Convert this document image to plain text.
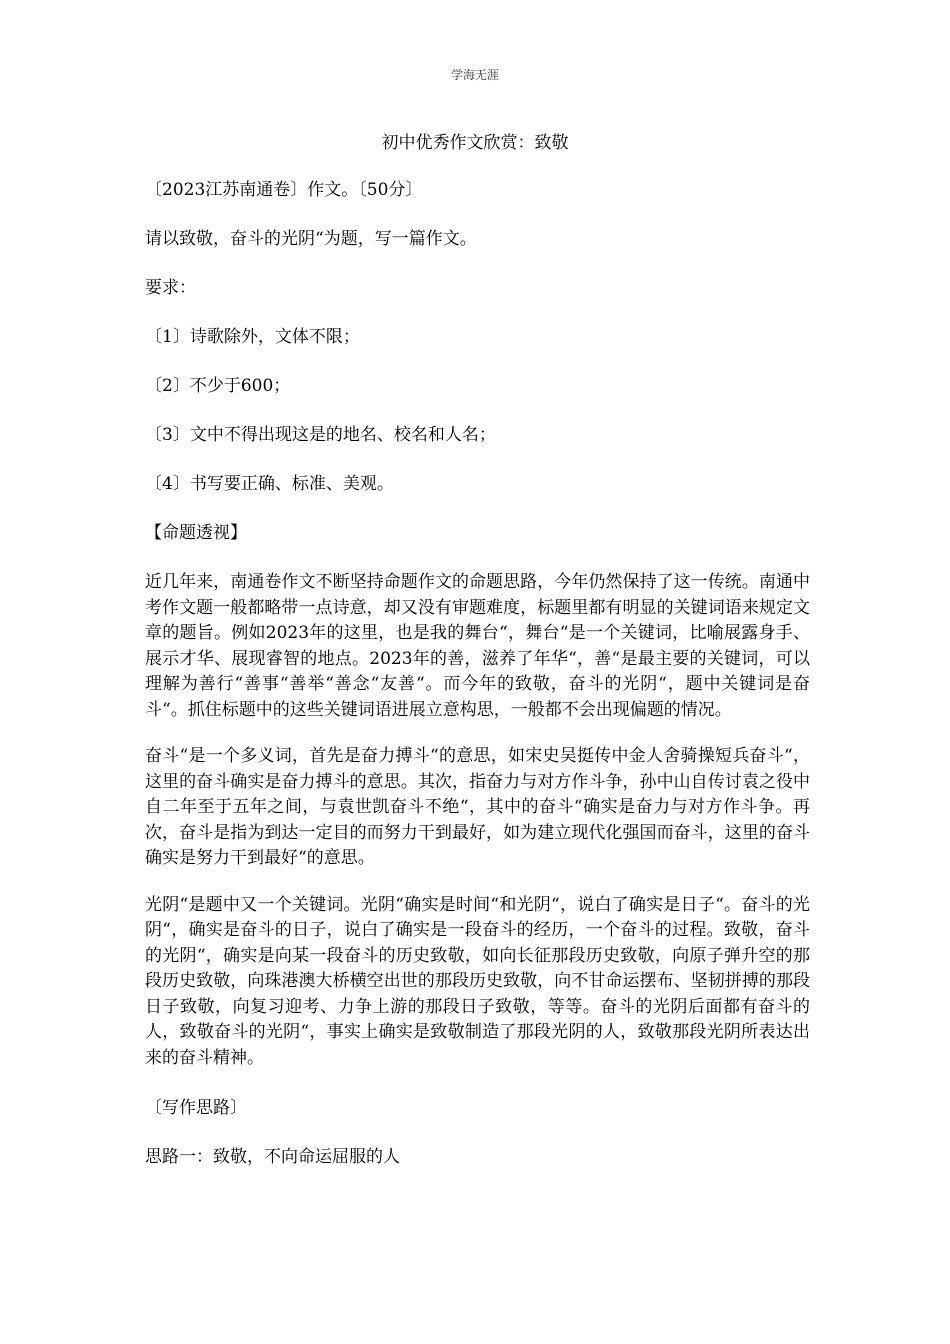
学海无涯
初中优秀作文欣赏：致敬

〔2023江苏南通卷〕作文。〔50分〕

请以致敬，奋斗的光阴“为题，写一篇作文。

要求：

〔1〕诗歌除外，文体不限；

〔2〕不少于600；

〔3〕文中不得出现这是的地名、校名和人名；

〔4〕书写要正确、标准、美观。

【命题透视】

近几年来，南通卷作文不断坚持命题作文的命题思路，今年仍然保持了这一传统。南通中考作文题一般都略带一点诗意，却又没有审题难度，标题里都有明显的关键词语来规定文章的题旨。例如2023年的这里，也是我的舞台“，舞台“是一个关键词，比喻展露身手、展示才华、展现睿智的地点。2023年的善，滋养了年华“，善“是最主要的关键词，可以理解为善行“善事“善举“善念“友善“。而今年的致敬，奋斗的光阴“，题中关键词是奋斗“。抓住标题中的这些关键词语进展立意构思，一般都不会出现偏题的情况。

奋斗“是一个多义词，首先是奋力搏斗“的意思，如宋史吴挺传中金人舍骑操短兵奋斗“，这里的奋斗确实是奋力搏斗的意思。其次，指奋力与对方作斗争，孙中山自传讨袁之役中自二年至于五年之间，与袁世凯奋斗不绝“，其中的奋斗“确实是奋力与对方作斗争。再次，奋斗是指为到达一定目的而努力干到最好，如为建立现代化强国而奋斗，这里的奋斗确实是努力干到最好“的意思。

光阴“是题中又一个关键词。光阴“确实是时间“和光阴“，说白了确实是日子“。奋斗的光阴“，确实是奋斗的日子，说白了确实是一段奋斗的经历，一个奋斗的过程。致敬，奋斗的光阴“，确实是向某一段奋斗的历史致敬，如向长征那段历史致敬，向原子弹升空的那段历史致敬，向珠港澳大桥横空出世的那段历史致敬，向不甘命运摆布、坚韧拼搏的那段日子致敬，向复习迎考、力争上游的那段日子致敬，等等。奋斗的光阴后面都有奋斗的人，致敬奋斗的光阴“，事实上确实是致敬制造了那段光阴的人，致敬那段光阴所表达出来的奋斗精神。

〔写作思路〕

思路一：致敬，不向命运屈服的人
